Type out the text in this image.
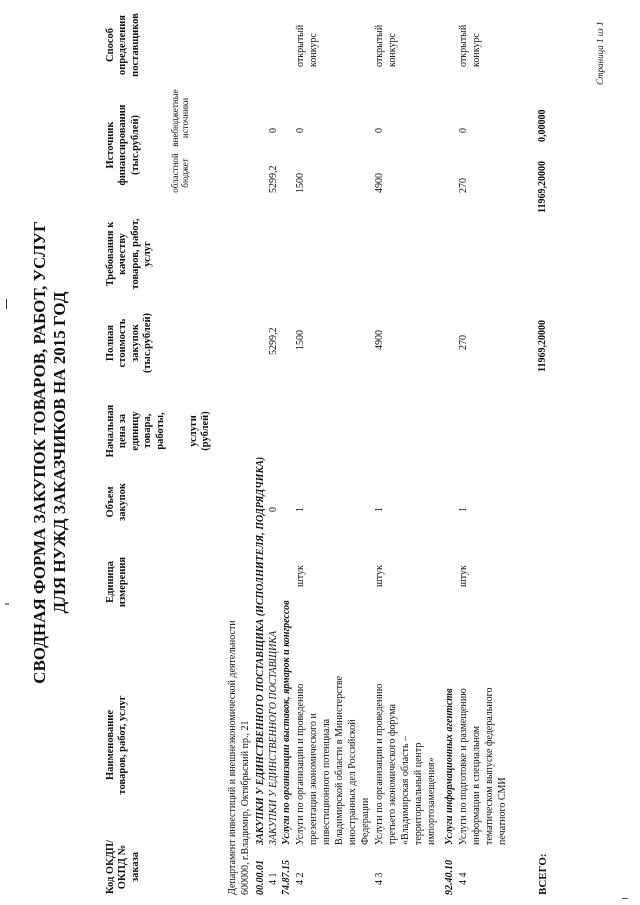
СВОДНАЯ ФОРМА ЗАКУПОК ТОВАРОВ, РАБОТ, УСЛУГ ДЛЯ НУЖД ЗАКАЗЧИКОВ НА 2015 ГОД
Код ОКДП/ ОКПД № заказа
Наименование товаров, работ, услуг
Единица измерения
Объем закупок
Начальная цена за единицу товара, работы, услуги (рублей)
Полная стоимость закупок (тыс.рублей)
Требования к качеству товаров, работ, услуг
Источник финансирования (тыс.рублей)	областной бюджет
внебюджетные источники
Способ определения поставщиков
Департамент инвестиций и внешнеэкономической деятельности 600000, г.Владимир, Октябрьский пр., 21 00.00.01
ЗАКУПКИ У ЕДИНСТВЕННОГО ПОСТАВЩИКА (ИСПОЛНИТЕЛЯ, ПОДРЯДЧИКА)
5299,2
4 1
ЗАКУПКИ У ЕДИНСТВЕННОГО ПОСТАВЩИКА
0
5299,2
0
74.87.15
Услуги по организации выставок, ярмарок и конгрессов
4 2
Услуги по организации и проведению презентации экономического и инвестиционного потенциала Владимирской области в Министерстве иностранных дел Российской Федерации
штук
1
1500
1500
0
открытый конкурс
4 3
Услуги по организации и проведению третьего экономического форума «Владимирская область – территориальный центр импортозамещения»
штук
1
4900
4900
0
открытый конкурс
92.40.10
Услуги информационных агентств
4 4
Услуги по подготовке и размещению информации в специальном тематическом выпуске федерального печатного СМИ
штук
1
270
270
0
открытый конкурс
ВСЕГО:
11969,20000
11969,20000
0,00000
Страница 1 из 1
